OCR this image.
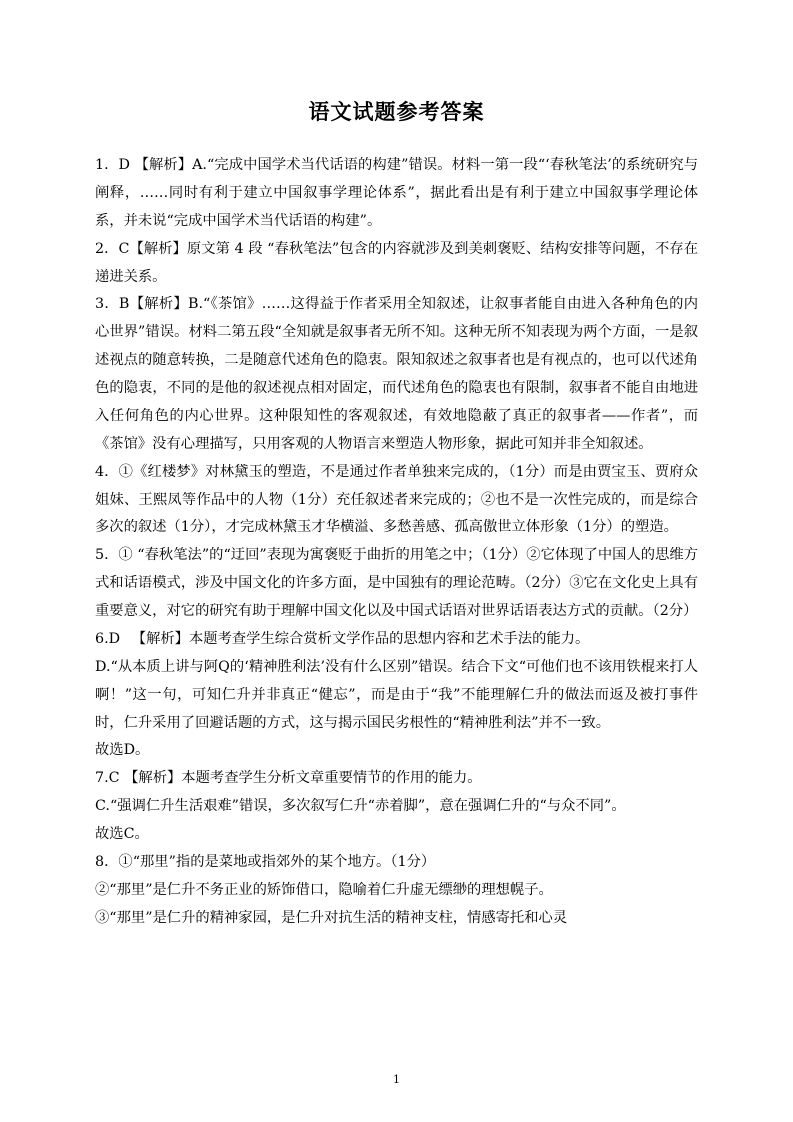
语文试题参考答案

1．D 【解析】A.“完成中国学术当代话语的构建”错误。材料一第一段“‘春秋笔法’的系统研究与阐释，……同时有利于建立中国叙事学理论体系”，据此看出是有利于建立中国叙事学理论体系，并未说“完成中国学术当代话语的构建”。

2．C【解析】原文第 4 段 “春秋笔法”包含的内容就涉及到美刺褒贬、结构安排等问题，不存在递进关系。

3．B【解析】B.“《茶馆》……这得益于作者采用全知叙述，让叙事者能自由进入各种角色的内心世界”错误。材料二第五段“全知就是叙事者无所不知。这种无所不知表现为两个方面，一是叙述视点的随意转换，二是随意代述角色的隐衷。限知叙述之叙事者也是有视点的，也可以代述角色的隐衷，不同的是他的叙述视点相对固定，而代述角色的隐衷也有限制，叙事者不能自由地进入任何角色的内心世界。这种限知性的客观叙述，有效地隐蔽了真正的叙事者——作者”，而《茶馆》没有心理描写，只用客观的人物语言来塑造人物形象，据此可知并非全知叙述。

4．①《红楼梦》对林黛玉的塑造，不是通过作者单独来完成的，（1分）而是由贾宝玉、贾府众姐妹、王熙凤等作品中的人物（1分）充任叙述者来完成的；②也不是一次性完成的，而是综合多次的叙述（1分），才完成林黛玉才华横溢、多愁善感、孤高傲世立体形象（1分）的塑造。

5．① “春秋笔法”的“迂回”表现为寓褒贬于曲折的用笔之中；（1分）②它体现了中国人的思维方式和话语模式，涉及中国文化的许多方面，是中国独有的理论范畴。（2分）③它在文化史上具有重要意义，对它的研究有助于理解中国文化以及中国式话语对世界话语表达方式的贡献。（2分）

6.D 　【解析】本题考查学生综合赏析文学作品的思想内容和艺术手法的能力。

D.“从本质上讲与阿Q的‘精神胜利法’没有什么区别”错误。结合下文“可他们也不该用铁棍来打人啊！”这一句，可知仁升并非真正“健忘”，而是由于“我”不能理解仁升的做法而返及被打事件时，仁升采用了回避话题的方式，这与揭示国民劣根性的“精神胜利法”并不一致。

故选D。

7.C 【解析】本题考查学生分析文章重要情节的作用的能力。

C.“强调仁升生活艰难”错误，多次叙写仁升“赤着脚”，意在强调仁升的“与众不同”。

故选C。

8．①“那里”指的是菜地或指郊外的某个地方。（1分）

②“那里”是仁升不务正业的矫饰借口，隐喻着仁升虚无缥缈的理想幌子。

③“那里”是仁升的精神家园，是仁升对抗生活的精神支柱，情感寄托和心灵

1
